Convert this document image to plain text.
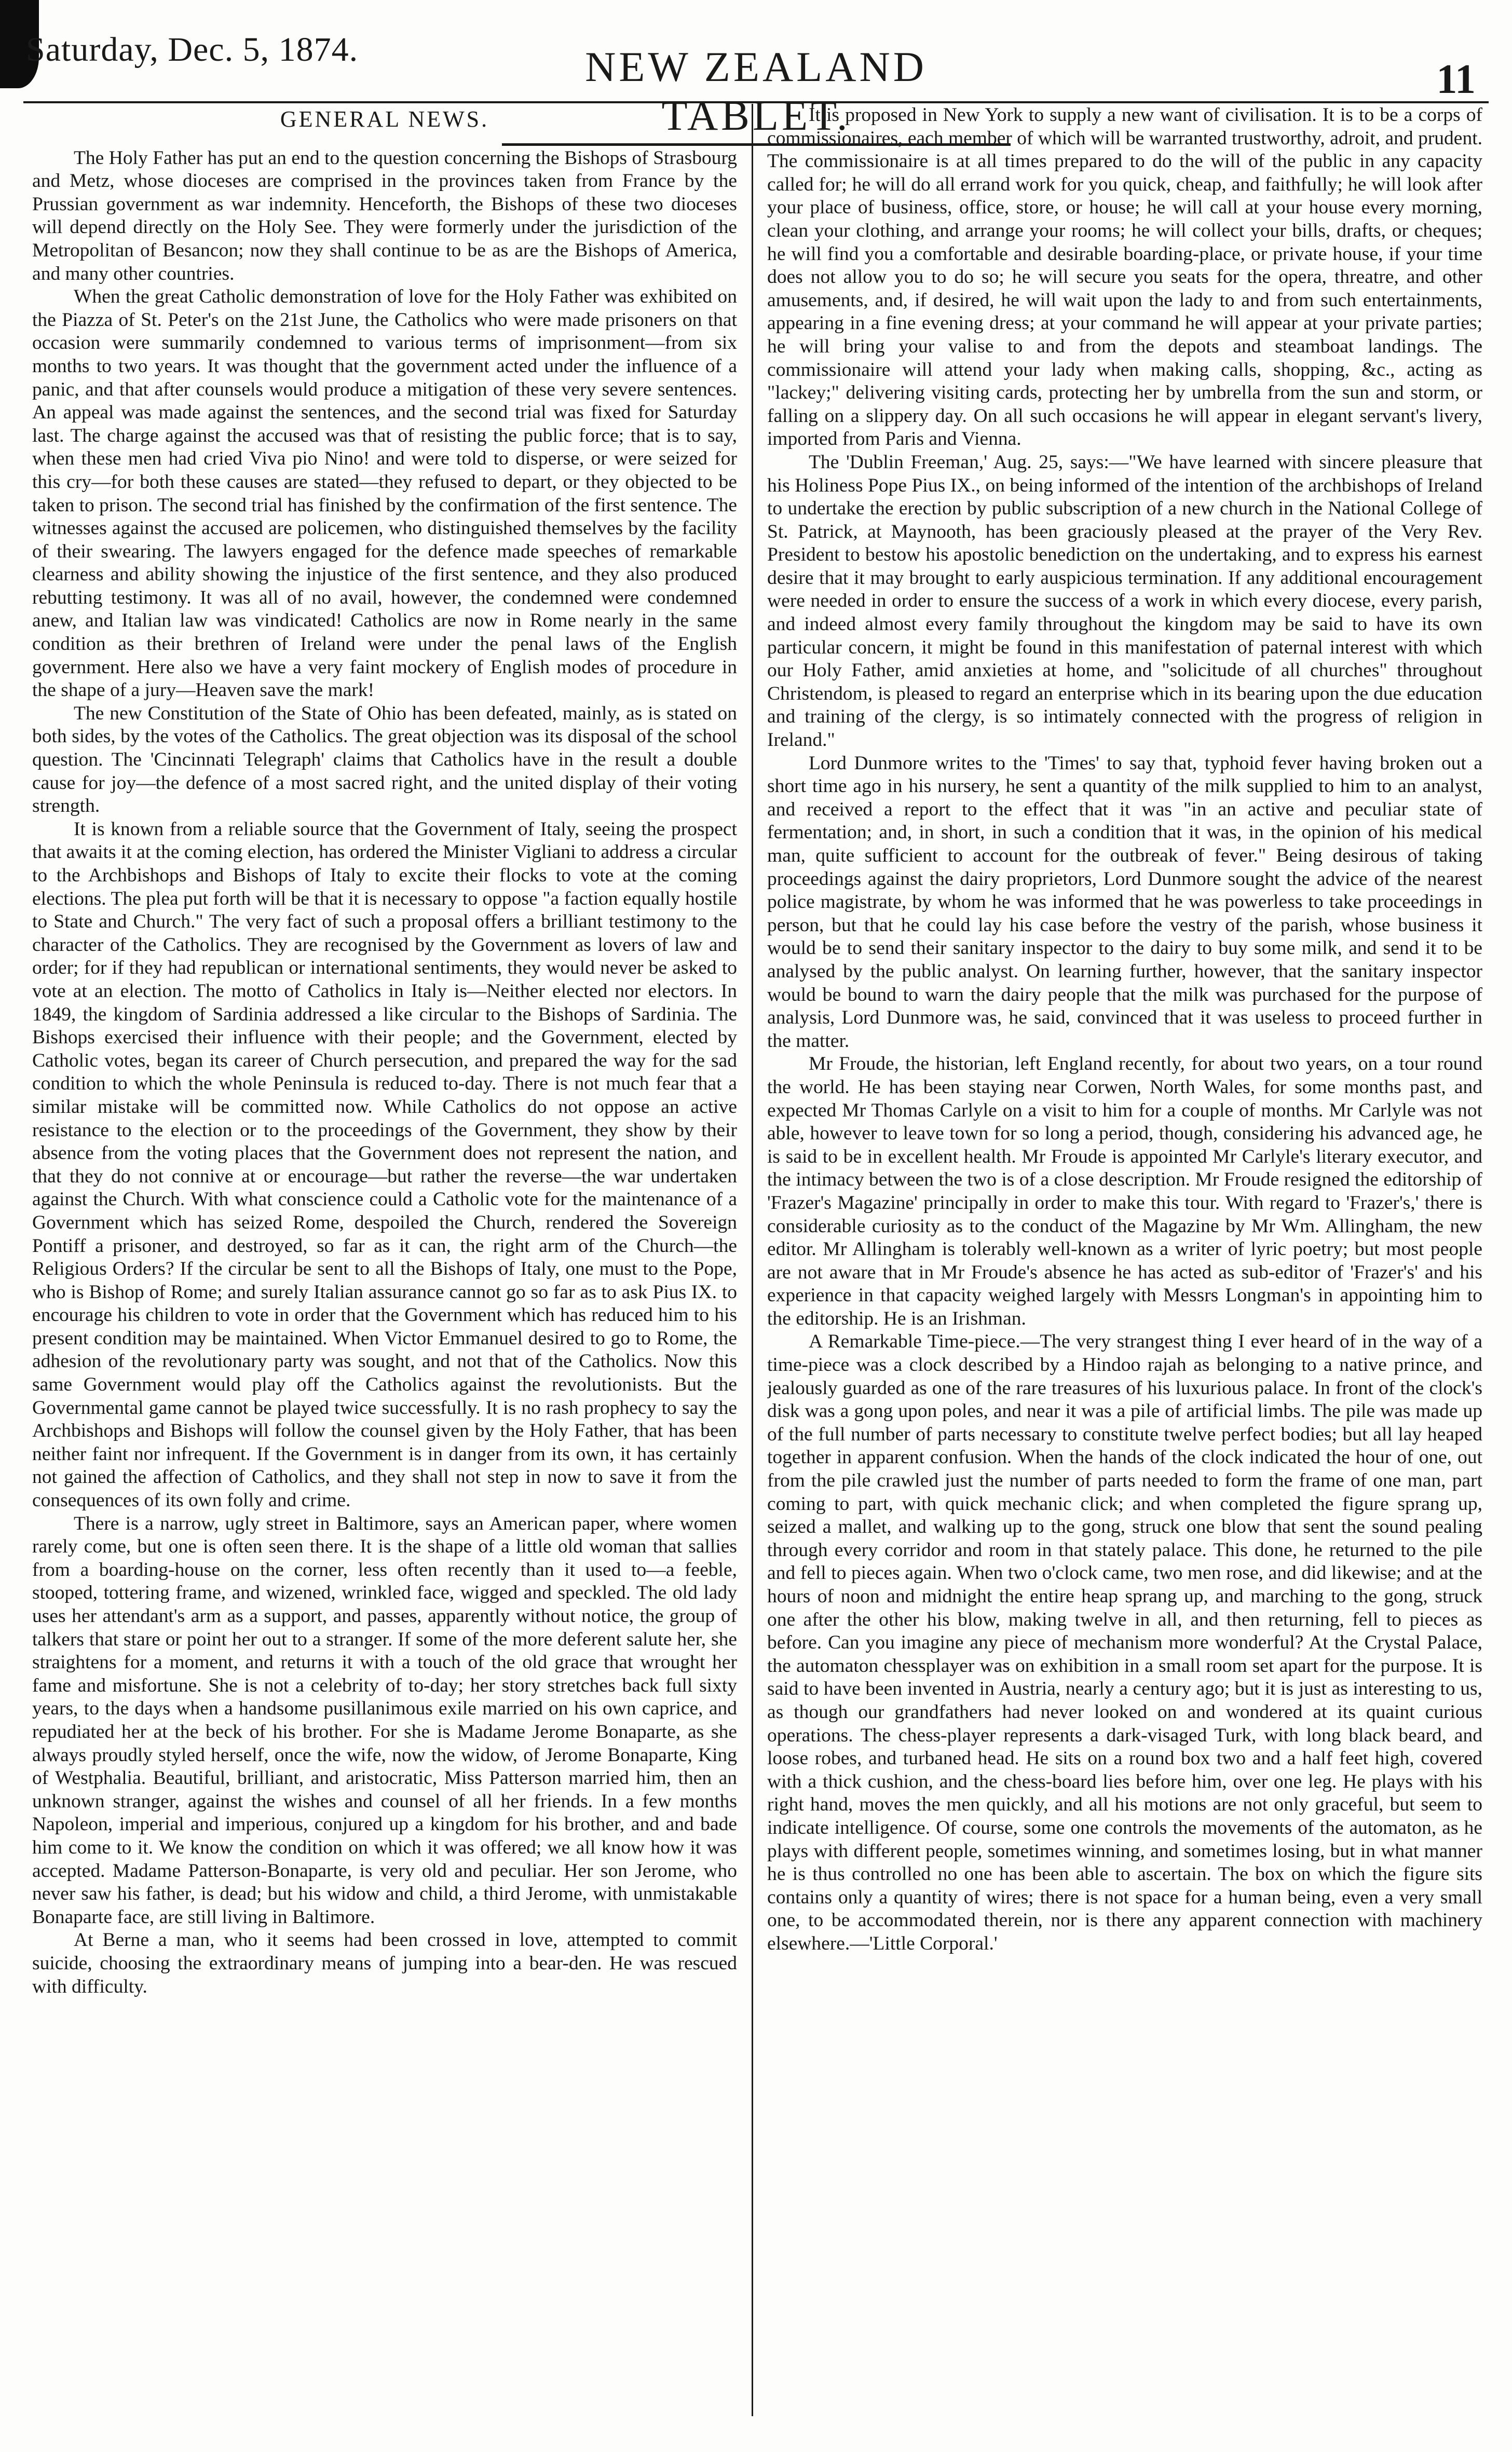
Saturday, Dec. 5, 1874.	NEW ZEALAND TABLET.
11
GENERAL NEWS.

The Holy Father has put an end to the question concerning the Bishops of Strasbourg and Metz, whose dioceses are comprised in the provinces taken from France by the Prussian government as war indemnity. Henceforth, the Bishops of these two dioceses will depend directly on the Holy See. They were formerly under the jurisdiction of the Metropolitan of Besancon; now they shall continue to be as are the Bishops of America, and many other countries.

When the great Catholic demonstration of love for the Holy Father was exhibited on the Piazza of St. Peter's on the 21st June, the Catholics who were made prisoners on that occasion were summarily condemned to various terms of imprisonment—from six months to two years. It was thought that the government acted under the influence of a panic, and that after counsels would produce a mitigation of these very severe sentences. An appeal was made against the sentences, and the second trial was fixed for Saturday last. The charge against the accused was that of resisting the public force; that is to say, when these men had cried Viva pio Nino! and were told to disperse, or were seized for this cry—for both these causes are stated—they refused to depart, or they objected to be taken to prison. The second trial has finished by the confirmation of the first sentence. The witnesses against the accused are policemen, who distinguished themselves by the facility of their swearing. The lawyers engaged for the defence made speeches of remarkable clearness and ability showing the injustice of the first sentence, and they also produced rebutting testimony. It was all of no avail, however, the condemned were condemned anew, and Italian law was vindicated! Catholics are now in Rome nearly in the same condition as their brethren of Ireland were under the penal laws of the English government. Here also we have a very faint mockery of English modes of procedure in the shape of a jury—Heaven save the mark!

The new Constitution of the State of Ohio has been defeated, mainly, as is stated on both sides, by the votes of the Catholics. The great objection was its disposal of the school question. The 'Cincinnati Telegraph' claims that Catholics have in the result a double cause for joy—the defence of a most sacred right, and the united display of their voting strength.

It is known from a reliable source that the Government of Italy, seeing the prospect that awaits it at the coming election, has ordered the Minister Vigliani to address a circular to the Archbishops and Bishops of Italy to excite their flocks to vote at the coming elections. The plea put forth will be that it is necessary to oppose "a faction equally hostile to State and Church." The very fact of such a proposal offers a brilliant testimony to the character of the Catholics. They are recognised by the Government as lovers of law and order; for if they had republican or international sentiments, they would never be asked to vote at an election. The motto of Catholics in Italy is—Neither elected nor electors. In 1849, the kingdom of Sardinia addressed a like circular to the Bishops of Sardinia. The Bishops exercised their influence with their people; and the Government, elected by Catholic votes, began its career of Church persecution, and prepared the way for the sad condition to which the whole Peninsula is reduced to-day. There is not much fear that a similar mistake will be committed now. While Catholics do not oppose an active resistance to the election or to the proceedings of the Government, they show by their absence from the voting places that the Government does not represent the nation, and that they do not connive at or encourage—but rather the reverse—the war undertaken against the Church. With what conscience could a Catholic vote for the maintenance of a Government which has seized Rome, despoiled the Church, rendered the Sovereign Pontiff a prisoner, and destroyed, so far as it can, the right arm of the Church—the Religious Orders? If the circular be sent to all the Bishops of Italy, one must to the Pope, who is Bishop of Rome; and surely Italian assurance cannot go so far as to ask Pius IX. to encourage his children to vote in order that the Government which has reduced him to his present condition may be maintained. When Victor Emmanuel desired to go to Rome, the adhesion of the revolutionary party was sought, and not that of the Catholics. Now this same Government would play off the Catholics against the revolutionists. But the Governmental game cannot be played twice successfully. It is no rash prophecy to say the Archbishops and Bishops will follow the counsel given by the Holy Father, that has been neither faint nor infrequent. If the Government is in danger from its own, it has certainly not gained the affection of Catholics, and they shall not step in now to save it from the consequences of its own folly and crime.

There is a narrow, ugly street in Baltimore, says an American paper, where women rarely come, but one is often seen there. It is the shape of a little old woman that sallies from a boarding-house on the corner, less often recently than it used to—a feeble, stooped, tottering frame, and wizened, wrinkled face, wigged and speckled. The old lady uses her attendant's arm as a support, and passes, apparently without notice, the group of talkers that stare or point her out to a stranger. If some of the more deferent salute her, she straightens for a moment, and returns it with a touch of the old grace that wrought her fame and misfortune. She is not a celebrity of to-day; her story stretches back full sixty years, to the days when a handsome pusillanimous exile married on his own caprice, and repudiated her at the beck of his brother. For she is Madame Jerome Bonaparte, as she always proudly styled herself, once the wife, now the widow, of Jerome Bonaparte, King of Westphalia. Beautiful, brilliant, and aristocratic, Miss Patterson married him, then an unknown stranger, against the wishes and counsel of all her friends. In a few months Napoleon, imperial and imperious, conjured up a kingdom for his brother, and and bade him come to it. We know the condition on which it was offered; we all know how it was accepted. Madame Patterson-Bonaparte, is very old and peculiar. Her son Jerome, who never saw his father, is dead; but his widow and child, a third Jerome, with unmistakable Bonaparte face, are still living in Baltimore.

At Berne a man, who it seems had been crossed in love, attempted to commit suicide, choosing the extraordinary means of jumping into a bear-den. He was rescued with difficulty.

It is proposed in New York to supply a new want of civilisation. It is to be a corps of commissionaires, each member of which will be warranted trustworthy, adroit, and prudent. The commissionaire is at all times prepared to do the will of the public in any capacity called for; he will do all errand work for you quick, cheap, and faithfully; he will look after your place of business, office, store, or house; he will call at your house every morning, clean your clothing, and arrange your rooms; he will collect your bills, drafts, or cheques; he will find you a comfortable and desirable boarding-place, or private house, if your time does not allow you to do so; he will secure you seats for the opera, threatre, and other amusements, and, if desired, he will wait upon the lady to and from such entertainments, appearing in a fine evening dress; at your command he will appear at your private parties; he will bring your valise to and from the depots and steamboat landings. The commissionaire will attend your lady when making calls, shopping, &c., acting as "lackey;" delivering visiting cards, protecting her by umbrella from the sun and storm, or falling on a slippery day. On all such occasions he will appear in elegant servant's livery, imported from Paris and Vienna.

The 'Dublin Freeman,' Aug. 25, says:—"We have learned with sincere pleasure that his Holiness Pope Pius IX., on being informed of the intention of the archbishops of Ireland to undertake the erection by public subscription of a new church in the National College of St. Patrick, at Maynooth, has been graciously pleased at the prayer of the Very Rev. President to bestow his apostolic benediction on the undertaking, and to express his earnest desire that it may brought to early auspicious termination. If any additional encouragement were needed in order to ensure the success of a work in which every diocese, every parish, and indeed almost every family throughout the kingdom may be said to have its own particular concern, it might be found in this manifestation of paternal interest with which our Holy Father, amid anxieties at home, and "solicitude of all churches" throughout Christendom, is pleased to regard an enterprise which in its bearing upon the due education and training of the clergy, is so intimately connected with the progress of religion in Ireland."

Lord Dunmore writes to the 'Times' to say that, typhoid fever having broken out a short time ago in his nursery, he sent a quantity of the milk supplied to him to an analyst, and received a report to the effect that it was "in an active and peculiar state of fermentation; and, in short, in such a condition that it was, in the opinion of his medical man, quite sufficient to account for the outbreak of fever." Being desirous of taking proceedings against the dairy proprietors, Lord Dunmore sought the advice of the nearest police magistrate, by whom he was informed that he was powerless to take proceedings in person, but that he could lay his case before the vestry of the parish, whose business it would be to send their sanitary inspector to the dairy to buy some milk, and send it to be analysed by the public analyst. On learning further, however, that the sanitary inspector would be bound to warn the dairy people that the milk was purchased for the purpose of analysis, Lord Dunmore was, he said, convinced that it was useless to proceed further in the matter.

Mr Froude, the historian, left England recently, for about two years, on a tour round the world. He has been staying near Corwen, North Wales, for some months past, and expected Mr Thomas Carlyle on a visit to him for a couple of months. Mr Carlyle was not able, however to leave town for so long a period, though, considering his advanced age, he is said to be in excellent health. Mr Froude is appointed Mr Carlyle's literary executor, and the intimacy between the two is of a close description. Mr Froude resigned the editorship of 'Frazer's Magazine' principally in order to make this tour. With regard to 'Frazer's,' there is considerable curiosity as to the conduct of the Magazine by Mr Wm. Allingham, the new editor. Mr Allingham is tolerably well-known as a writer of lyric poetry; but most people are not aware that in Mr Froude's absence he has acted as sub-editor of 'Frazer's' and his experience in that capacity weighed largely with Messrs Longman's in appointing him to the editorship. He is an Irishman.

A Remarkable Time-piece.—The very strangest thing I ever heard of in the way of a time-piece was a clock described by a Hindoo rajah as belonging to a native prince, and jealously guarded as one of the rare treasures of his luxurious palace. In front of the clock's disk was a gong upon poles, and near it was a pile of artificial limbs. The pile was made up of the full number of parts necessary to constitute twelve perfect bodies; but all lay heaped together in apparent confusion. When the hands of the clock indicated the hour of one, out from the pile crawled just the number of parts needed to form the frame of one man, part coming to part, with quick mechanic click; and when completed the figure sprang up, seized a mallet, and walking up to the gong, struck one blow that sent the sound pealing through every corridor and room in that stately palace. This done, he returned to the pile and fell to pieces again. When two o'clock came, two men rose, and did likewise; and at the hours of noon and midnight the entire heap sprang up, and marching to the gong, struck one after the other his blow, making twelve in all, and then returning, fell to pieces as before. Can you imagine any piece of mechanism more wonderful? At the Crystal Palace, the automaton chessplayer was on exhibition in a small room set apart for the purpose. It is said to have been invented in Austria, nearly a century ago; but it is just as interesting to us, as though our grandfathers had never looked on and wondered at its quaint curious operations. The chess-player represents a dark-visaged Turk, with long black beard, and loose robes, and turbaned head. He sits on a round box two and a half feet high, covered with a thick cushion, and the chess-board lies before him, over one leg. He plays with his right hand, moves the men quickly, and all his motions are not only graceful, but seem to indicate intelligence. Of course, some one controls the movements of the automaton, as he plays with different people, sometimes winning, and sometimes losing, but in what manner he is thus controlled no one has been able to ascertain. The box on which the figure sits contains only a quantity of wires; there is not space for a human being, even a very small one, to be accommodated therein, nor is there any apparent connection with machinery elsewhere.—'Little Corporal.'
